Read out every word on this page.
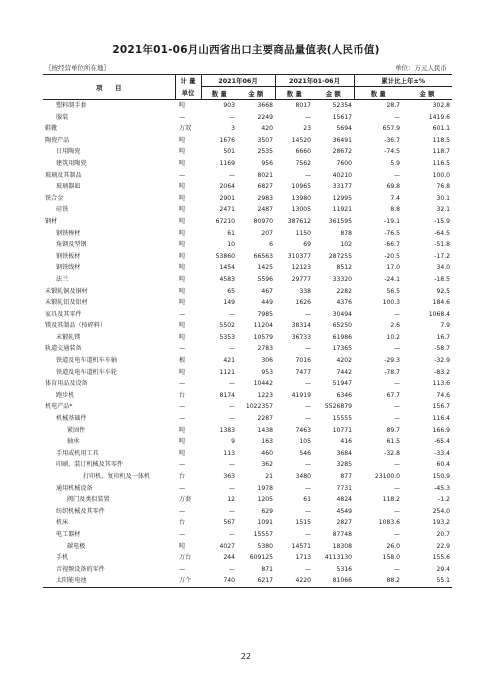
2021年01-06月山西省出口主要商品量值表(人民币值)
〖按经营单位所在地〗	单位：万元人民币
项　　目	计 量	2021年06月		2021年01-06月		累计比上年±%	
	单位	数 量	金 额	数 量	金 额	数 量	金 额
塑料制手套	吨	903	3668	8017	52354	28.7	302.8
服装	—	—	2249	—	15617	—	1419.6
鞋靴	万双	3	420	23	5694	657.9	601.1
陶瓷产品	吨	1676	3507	14520	36491	-36.7	118.5
日用陶瓷	吨	501	2535	6660	28672	-74.5	118.7
建筑用陶瓷	吨	1169	956	7562	7600	5.9	116.5
玻璃及其制品	—	—	8021	—	40210	—	100.0
玻璃器皿	吨	2064	6827	10965	33177	69.8	76.8
铁合金	吨	2901	2983	13980	12995	7.4	30.1
硅铁	吨	2471	2487	13005	11921	8.8	32.1
钢材	吨	67210	80970	387612	361595	-19.1	-15.9
钢铁棒材	吨	61	207	1150	878	-76.5	-64.5
角钢及型钢	吨	10	6	69	102	-66.7	-51.8
钢铁板材	吨	53860	66563	310377	287255	-20.5	-17.2
钢铁线材	吨	1454	1425	12123	8512	17.0	34.0
法兰	吨	4583	5596	29777	33320	-24.1	-18.5
未锻轧铜及铜材	吨	65	467	338	2282	56.5	92.5
未锻轧铝及铝材	吨	149	449	1626	4376	100.3	184.6
家具及其零件	—	—	7985	—	30494	—	1068.4
镁及其制品（按碎料）	吨	5502	11204	38314	65250	2.6	7.9
未锻轧镁	吨	5353	10579	36733	61986	10.2	16.7
轨道交通装备	—	—	2783	—	17365	—	-58.7
铁道及电车道机车车轴	根	421	306	7016	4202	-29.3	-32.9
铁道及电车道机车车轮	吨	1121	953	7477	7442	-78.7	-83.2
体育用品及设备	—	—	10442	—	51947	—	113.6
跑步机	台	8174	1223	41919	6346	67.7	74.6
机电产品*	—	—	1022357	—	5526879	—	156.7
机械基础件	—	—	2287	—	15555	—	116.4
紧固件	吨	1383	1438	7463	10771	89.7	166.9
轴承	吨	9	163	105	416	61.5	-65.4
手用或机用工具	吨	113	460	546	3684	-32.8	-33.4
印刷、装订机械及其零件	—	—	362	—	3285	—	60.4
打印机、复印机及一体机	台	363	21	3480	877	23100.0	150.9
通用机械设备	—	—	1978	—	7731	—	-45.3
阀门及类似装置	万套	12	1205	61	4824	118.2	-1.2
纺织机械及其零件	—	—	629	—	4549	—	254.0
机床	台	567	1091	1515	2827	1083.6	193.2
电工器材	—	—	15557	—	87748	—	20.7
碳电极	吨	4027	5380	14571	18308	26.0	22.9
手机	万台	244	609125	1713	4113130	158.0	155.6
音视频设备的零件	—	—	871	—	5316	—	29.4
太阳能电池	万个	740	6217	4220	81066	88.2	55.1
22
